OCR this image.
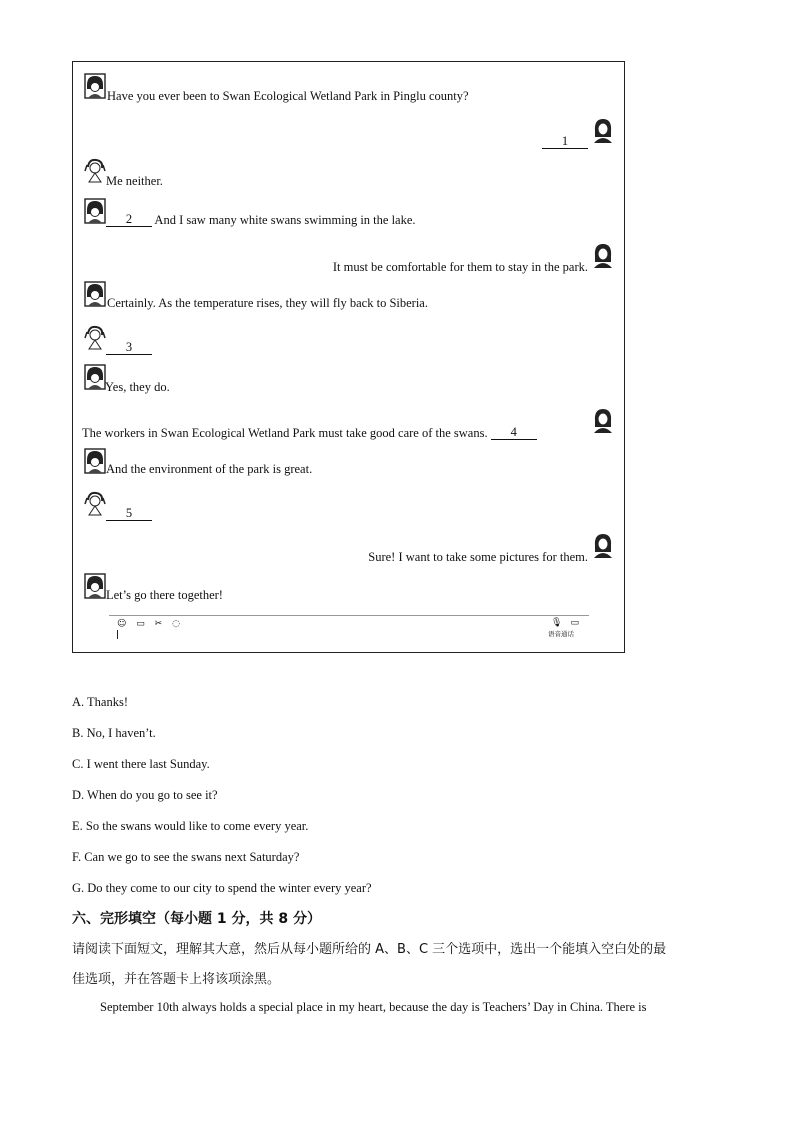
Have you ever been to Swan Ecological Wetland Park in Pinglu county?
1
Me neither.
2 And I saw many white swans swimming in the lake.
It must be comfortable for them to stay in the park.
Certainly. As the temperature rises, they will fly back to Siberia.
3
Yes, they do.
The workers in Swan Ecological Wetland Park must take good care of the swans. 4
And the environment of the park is great.
5
Sure! I want to take some pictures for them.
Let’s go there together!
☺ ▭ ✂ ◌	🎙 ▭
语音通话
A. Thanks!
B. No, I haven’t.
C. I went there last Sunday.
D. When do you go to see it?
E. So the swans would like to come every year.
F. Can we go to see the swans next Saturday?
G. Do they come to our city to spend the winter every year?
六、完形填空（每小题 1 分，共 8 分）
请阅读下面短文，理解其大意，然后从每小题所给的 A、B、C 三个选项中，选出一个能填入空白处的最
佳选项，并在答题卡上将该项涂黑。
September 10th always holds a special place in my heart, because the day is Teachers’ Day in China. There is
